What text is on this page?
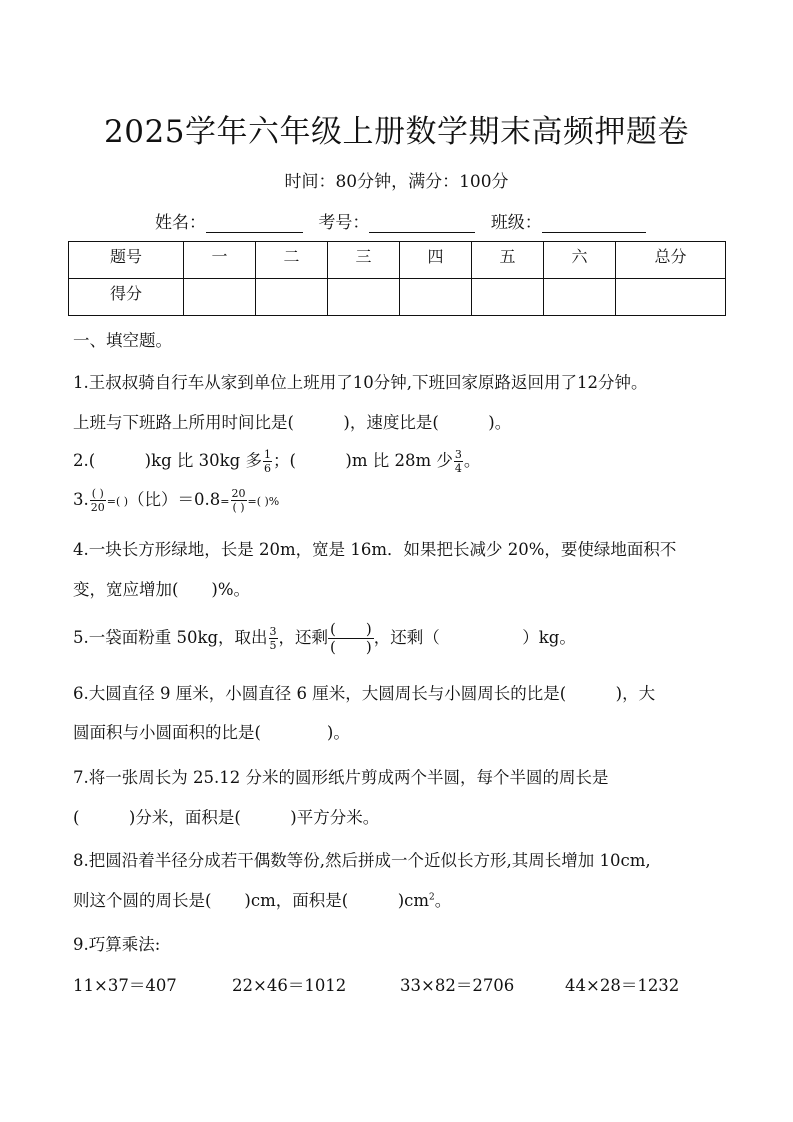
2025学年六年级上册数学期末高频押题卷
时间：80分钟，满分：100分
姓名：	考号：	班级：
题号	一	二	三	四	五	六	总分
得分							
一、填空题。
1.王叔叔骑自行车从家到单位上班用了10分钟,下班回家原路返回用了12分钟。
上班与下班路上所用时间比是(　　　)，速度比是(　　　)。
2.(　　　)kg 比 30kg 多 $\frac{1}{6}$ ；(　　　)m 比 28m 少 $\frac{3}{4}$ 。
3. $\frac{( )}{20}$ =( )（比）$=0.8= \frac{20}{( )}$ =( )%
4.一块长方形绿地，长是 20m，宽是 16m．如果把长减少 20%，要使绿地面积不
变，宽应增加(　　)%。
5.一袋面粉重 50kg，取出 $\frac{3}{5}$ ，还剩 (　　)
(　　) ，还剩（　　　　　）kg。
6.大圆直径 9 厘米，小圆直径 6 厘米，大圆周长与小圆周长的比是(　　　)，大
圆面积与小圆面积的比是(　　　　)。
7.将一张周长为 25.12 分米的圆形纸片剪成两个半圆，每个半圆的周长是
(　　　)分米，面积是(　　　)平方分米。
8.把圆沿着半径分成若干偶数等份,然后拼成一个近似长方形,其周长增加 10cm,
则这个圆的周长是(　　)cm，面积是(　　　)$cm^2$。
9.巧算乘法:
11×37＝407	22×46＝1012	33×82＝2706	44×28＝1232
